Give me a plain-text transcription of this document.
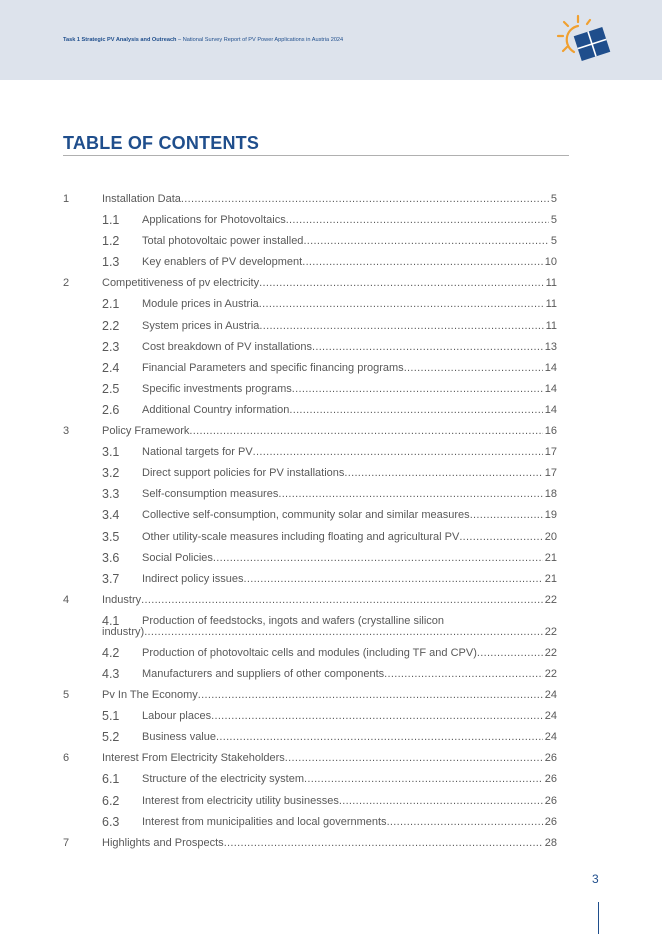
Task 1 Strategic PV Analysis and Outreach – National Survey Report of PV Power Applications in Austria 2024
TABLE OF CONTENTS
1	Installation Data .....	5
1.1 Applications for Photovoltaics .....	5
1.2 Total photovoltaic power installed .....	5
1.3 Key enablers of PV development .....	10
2	Competitiveness of pv electricity .....	11
2.1 Module prices in Austria .....	11
2.2 System prices in Austria .....	11
2.3 Cost breakdown of PV installations .....	13
2.4 Financial Parameters and specific financing programs .....	14
2.5 Specific investments programs .....	14
2.6 Additional Country information .....	14
3	Policy Framework .....	16
3.1 National targets for PV .....	17
3.2 Direct support policies for PV installations .....	17
3.3 Self-consumption measures .....	18
3.4 Collective self-consumption, community solar and similar measures .....	19
3.5 Other utility-scale measures including floating and agricultural PV .....	20
3.6 Social Policies .....	21
3.7 Indirect policy issues .....	21
4	Industry .....	22
4.1 Production of feedstocks, ingots and wafers (crystalline silicon
industry) .....	22
4.2 Production of photovoltaic cells and modules (including TF and CPV) .....	22
4.3 Manufacturers and suppliers of other components .....	22
5	Pv In The Economy .....	24
5.1 Labour places .....	24
5.2 Business value .....	24
6	Interest From Electricity Stakeholders .....	26
6.1 Structure of the electricity system .....	26
6.2 Interest from electricity utility businesses .....	26
6.3 Interest from municipalities and local governments .....	26
7	Highlights and Prospects .....	28
3
